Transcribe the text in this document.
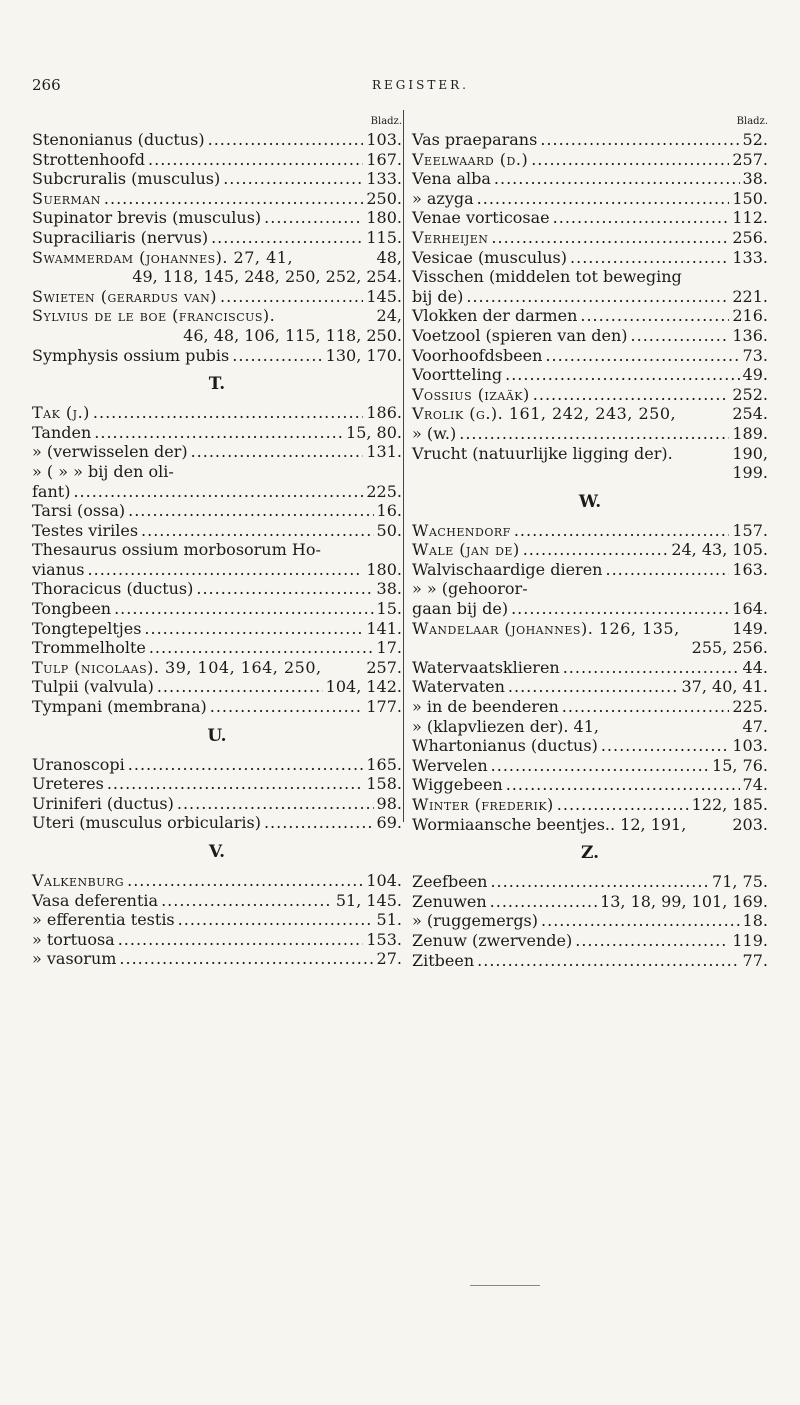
266	REGISTER.
Bladz.
Stenonianus (ductus) .....	103.
Strottenhoofd .....	167.
Subcruralis (musculus) .....	133.
Suerman .....	250.
Supinator brevis (musculus) .....	180.
Supraciliaris (nervus) .....	115.
Swammerdam (johannes). 27, 41,	48,
49, 118, 145, 248, 250, 252, 254.
Swieten (gerardus van) .....	145.
Sylvius de le boe (franciscus).	24,
46, 48, 106, 115, 118, 250.
Symphysis ossium pubis .....	130, 170.
T.
Tak (j.) .....	186.
Tanden .....	15, 80.
» (verwisselen der) .....	131.
» ( » » bij den oli-
fant) .....	225.
Tarsi (ossa) .....	16.
Testes viriles .....	50.
Thesaurus ossium morbosorum Ho-
vianus .....	180.
Thoracicus (ductus) .....	38.
Tongbeen .....	15.
Tongtepeltjes .....	141.
Trommelholte .....	17.
Tulp (nicolaas). 39, 104, 164, 250,	257.
Tulpii (valvula) .....	104, 142.
Tympani (membrana) .....	177.
U.
Uranoscopi .....	165.
Ureteres .....	158.
Uriniferi (ductus) .....	98.
Uteri (musculus orbicularis) .....	69.
V.
Valkenburg .....	104.
Vasa deferentia .....	51, 145.
» efferentia testis .....	51.
» tortuosa .....	153.
» vasorum .....	27.
Bladz.
Vas praeparans .....	52.
Veelwaard (d.) .....	257.
Vena alba .....	38.
» azyga .....	150.
Venae vorticosae .....	112.
Verheijen .....	256.
Vesicae (musculus) .....	133.
Visschen (middelen tot beweging
bij de) .....	221.
Vlokken der darmen .....	216.
Voetzool (spieren van den) .....	136.
Voorhoofdsbeen .....	73.
Voortteling .....	49.
Vossius (izaäk) .....	252.
Vrolik (g.). 161, 242, 243, 250,	254.
» (w.) .....	189.
Vrucht (natuurlijke ligging der).	190,
199.
W.
Wachendorf .....	157.
Wale (jan de) .....	24, 43, 105.
Walvischaardige dieren .....	163.
» » (gehooror-
gaan bij de) .....	164.
Wandelaar (johannes). 126, 135,	149.
255, 256.
Watervaatsklieren .....	44.
Watervaten .....	37, 40, 41.
» in de beenderen .....	225.
» (klapvliezen der). 41,	47.
Whartonianus (ductus) .....	103.
Wervelen .....	15, 76.
Wiggebeen .....	74.
Winter (frederik) .....	122, 185.
Wormiaansche beentjes.. 12, 191,	203.
Z.
Zeefbeen .....	71, 75.
Zenuwen .....	13, 18, 99, 101, 169.
» (ruggemergs) .....	18.
Zenuw (zwervende) .....	119.
Zitbeen .....	77.
